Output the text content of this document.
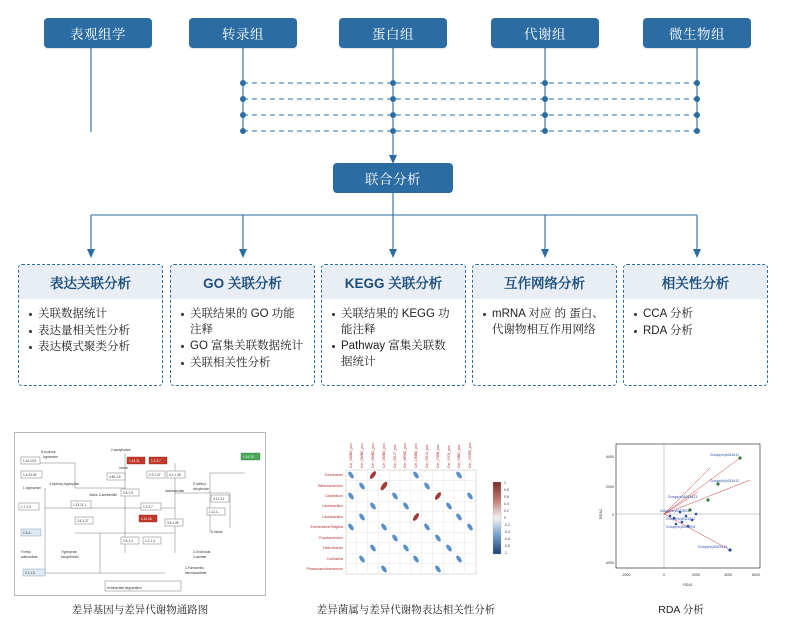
表观组学	转录组	蛋白组	代谢组	微生物组
联合分析
表达关联分析
关联数据统计
表达量相关性分析
表达模式聚类分析
GO 关联分析
关联结果的 GO 功能注释
GO 富集关联数据统计
关联相关性分析
KEGG 关联分析
关联结果的 KEGG 功能注释
Pathway 富集关联数据统计
互作网络分析
mRNA 对应 的 蛋白、代谢物相互作用网络
相关性分析
CCA 分析
RDA 分析
1.14.13.9
1.4.04.09
1.7.1.3	1.13.11.1
4.50.1.6
3.5.1.9
2.3.1.37	4.1.1.28
1.2.3.7
4.11.3.1
1.11.1.-
3.5.1.49
2.6.1.27
2.5.1.4	1.2.1.3
1.13.11	1.2.3.7
1.14.16
1.14.13
1.5.3.-
2.1.1.5
2-acetylindole
N-hydroxy-
tryptamine
L-tryptophan
4-hydroxy-tryptophan
Indole
Indole-3-acetonitrile
Indoleacetate
S-Methyl-
dioxyindole
5-Indole
Formyl
anthranilate
Tryptophan
biosynthesis
3-Oxoindole-
3-acetate
3-Formamino-
benzoylacetate
Anthranilate degradation
差异基因与差异代谢物通路图
Turicibacter
Bifidobacterium
Clostridium
Lactobacillus
Lactobacillus
Escherichia/Shigella
Fusobacterium
Helicobacter
Collinsella
Phascolarctobacterium
Cer_OMBD_pos Cer_OMBD_pos Cer_OMBD_pos Cer_OMBD_pos Cer_OS17_pos Cer_MRBD_pos Cer_DMBD_pos Cer_OS13_pos Cer_0SBB_pos Cer_0S09_pos Cer_09BD_pos Cer_0S0BD_pos
1
0.8
0.6
0.4
0.2
0
-0.2
-0.4
-0.6
-0.8
-1
差异菌属与差异代谢物表达相关性分析
Group(nb)A0Z4411
Group(nb)A0Z4412
Group(nb)A0Z4423
Group(nb)A0Z3903
Group(nb)A0Z4415
Group(nb)A0Z4412
Group(nb)A0Z3903
-2000	0	2000	4000	6000
RDA1
-4000
0
2000
4000
RDA2
RDA 分析
